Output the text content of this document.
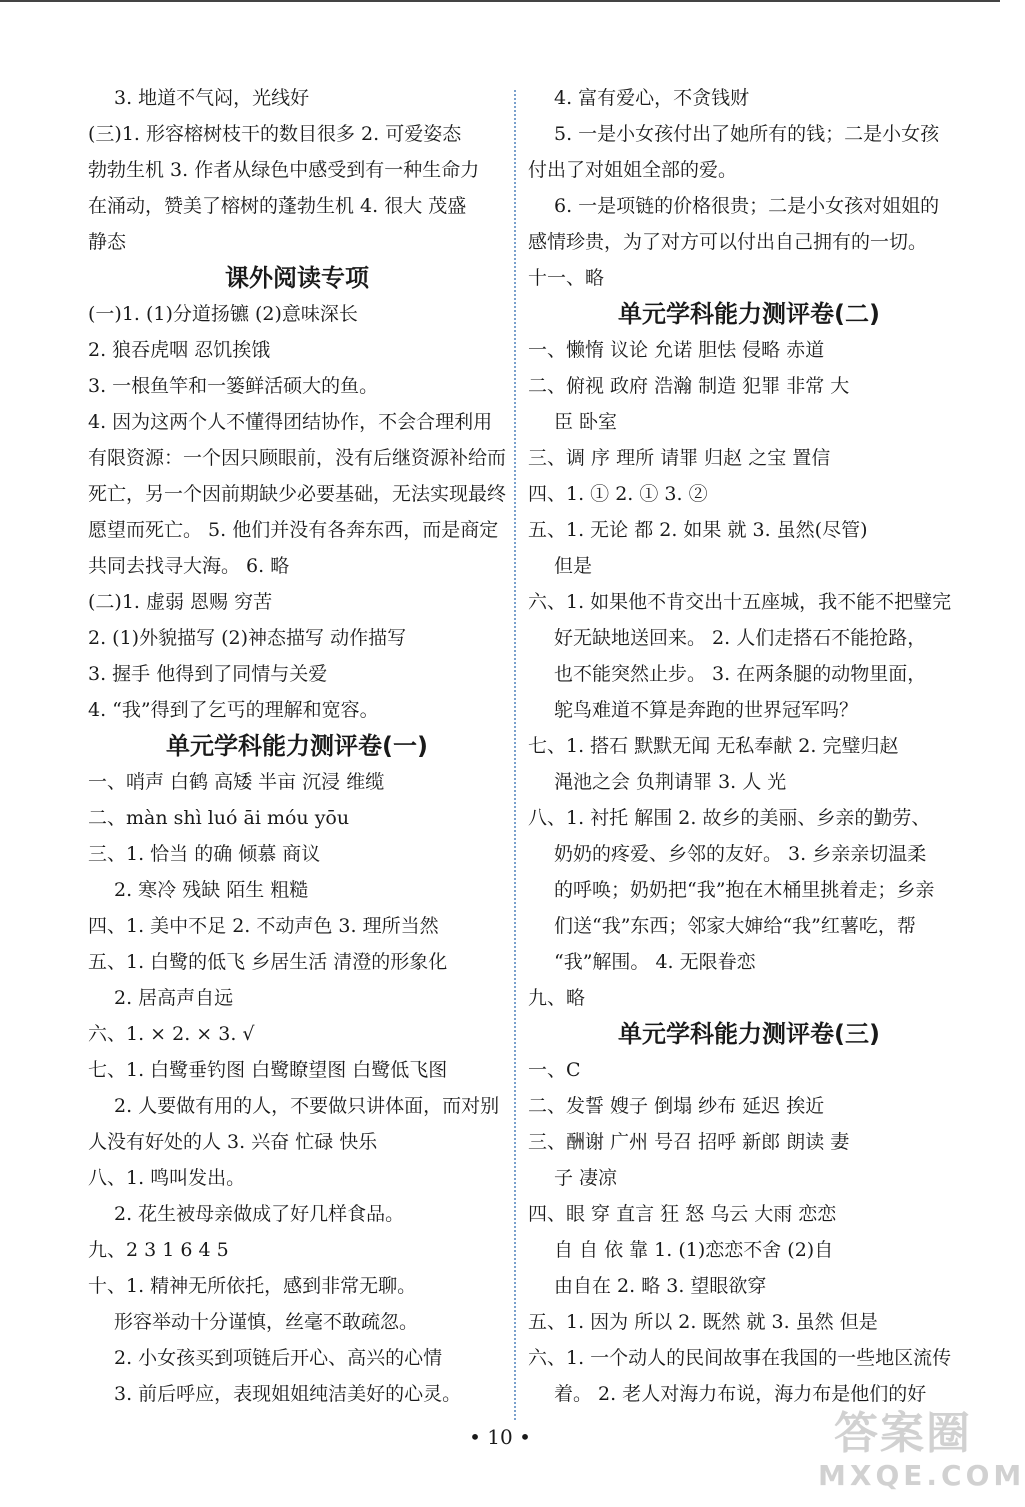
3. 地道不气闷，光线好
(三)1. 形容榕树枝干的数目很多 2. 可爱姿态
勃勃生机 3. 作者从绿色中感受到有一种生命力
在涌动，赞美了榕树的蓬勃生机 4. 很大 茂盛
静态
课外阅读专项
(一)1. (1)分道扬镳 (2)意味深长
2. 狼吞虎咽 忍饥挨饿
3. 一根鱼竿和一篓鲜活硕大的鱼。
4. 因为这两个人不懂得团结协作，不会合理利用
有限资源：一个因只顾眼前，没有后继资源补给而
死亡，另一个因前期缺少必要基础，无法实现最终
愿望而死亡。 5. 他们并没有各奔东西，而是商定
共同去找寻大海。 6. 略
(二)1. 虚弱 恩赐 穷苦
2. (1)外貌描写 (2)神态描写 动作描写
3. 握手 他得到了同情与关爱
4. “我”得到了乞丐的理解和宽容。
单元学科能力测评卷(一)
一、哨声 白鹤 高矮 半亩 沉浸 维缆
二、màn shì luó āi móu yōu
三、1. 恰当 的确 倾慕 商议
2. 寒冷 残缺 陌生 粗糙
四、1. 美中不足 2. 不动声色 3. 理所当然
五、1. 白鹭的低飞 乡居生活 清澄的形象化
2. 居高声自远
六、1. × 2. × 3. √
七、1. 白鹭垂钓图 白鹭瞭望图 白鹭低飞图
2. 人要做有用的人，不要做只讲体面，而对别
人没有好处的人 3. 兴奋 忙碌 快乐
八、1. 鸣叫发出。
2. 花生被母亲做成了好几样食品。
九、2 3 1 6 4 5
十、1. 精神无所依托，感到非常无聊。
形容举动十分谨慎，丝毫不敢疏忽。
2. 小女孩买到项链后开心、高兴的心情
3. 前后呼应，表现姐姐纯洁美好的心灵。
4. 富有爱心，不贪钱财
5. 一是小女孩付出了她所有的钱；二是小女孩
付出了对姐姐全部的爱。
6. 一是项链的价格很贵；二是小女孩对姐姐的
感情珍贵，为了对方可以付出自己拥有的一切。
十一、略
单元学科能力测评卷(二)
一、懒惰 议论 允诺 胆怯 侵略 赤道
二、俯视 政府 浩瀚 制造 犯罪 非常 大
臣 卧室
三、调 序 理所 请罪 归赵 之宝 置信
四、1. ① 2. ① 3. ②
五、1. 无论 都 2. 如果 就 3. 虽然(尽管)
但是
六、1. 如果他不肯交出十五座城，我不能不把璧完
好无缺地送回来。 2. 人们走搭石不能抢路，
也不能突然止步。 3. 在两条腿的动物里面，
鸵鸟难道不算是奔跑的世界冠军吗？
七、1. 搭石 默默无闻 无私奉献 2. 完璧归赵
渑池之会 负荆请罪 3. 人 光
八、1. 衬托 解围 2. 故乡的美丽、乡亲的勤劳、
奶奶的疼爱、乡邻的友好。 3. 乡亲亲切温柔
的呼唤；奶奶把“我”抱在木桶里挑着走；乡亲
们送“我”东西；邻家大婶给“我”红薯吃，帮
“我”解围。 4. 无限眷恋
九、略
单元学科能力测评卷(三)
一、C
二、发誓 嫂子 倒塌 纱布 延迟 挨近
三、酬谢 广州 号召 招呼 新郎 朗读 妻
子 凄凉
四、眼 穿 直言 狂 怒 乌云 大雨 恋恋
自 自 依 靠 1. (1)恋恋不舍 (2)自
由自在 2. 略 3. 望眼欲穿
五、1. 因为 所以 2. 既然 就 3. 虽然 但是
六、1. 一个动人的民间故事在我国的一些地区流传
着。 2. 老人对海力布说，海力布是他们的好
• 10 •	答案圈
MXQE.COM
